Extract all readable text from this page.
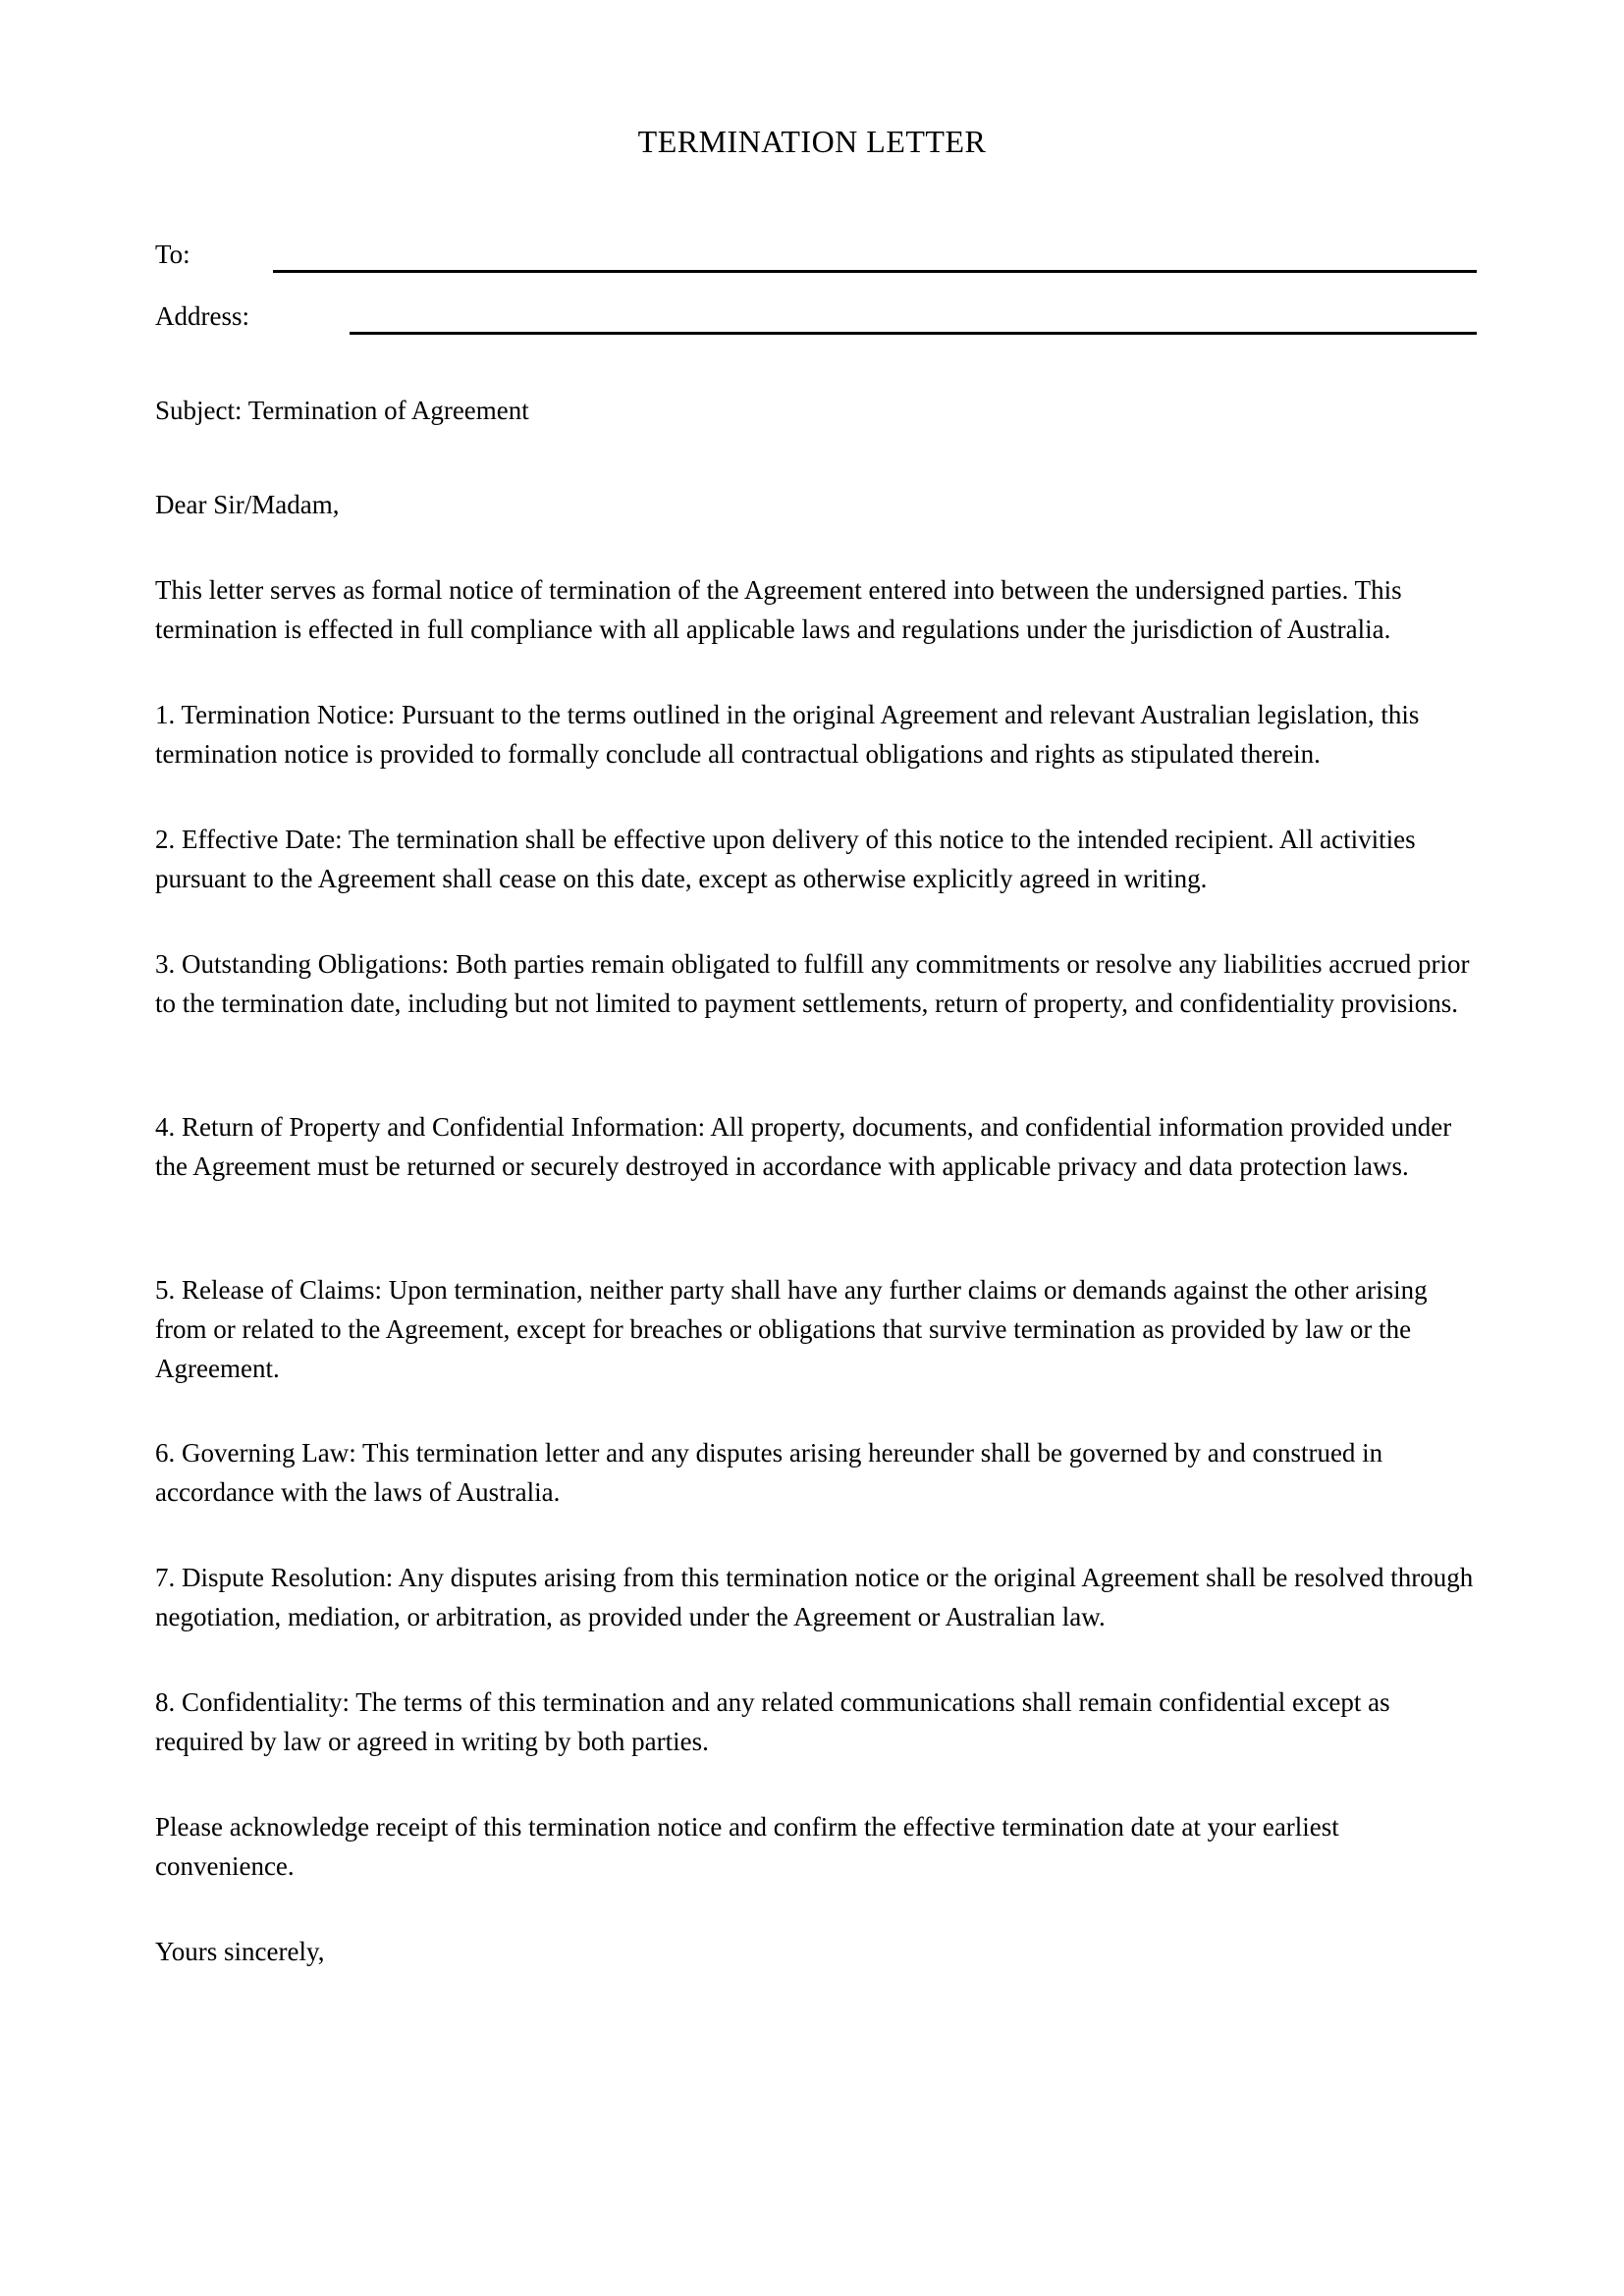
TERMINATION LETTER
To:
Address:
Subject: Termination of Agreement
Dear Sir/Madam,

This letter serves as formal notice of termination of the Agreement entered into between the undersigned parties. This termination is effected in full compliance with all applicable laws and regulations under the jurisdiction of Australia.

1. Termination Notice: Pursuant to the terms outlined in the original Agreement and relevant Australian legislation, this termination notice is provided to formally conclude all contractual obligations and rights as stipulated therein.

2. Effective Date: The termination shall be effective upon delivery of this notice to the intended recipient. All activities pursuant to the Agreement shall cease on this date, except as otherwise explicitly agreed in writing.

3. Outstanding Obligations: Both parties remain obligated to fulfill any commitments or resolve any liabilities accrued prior to the termination date, including but not limited to payment settlements, return of property, and confidentiality provisions.

4. Return of Property and Confidential Information: All property, documents, and confidential information provided under the Agreement must be returned or securely destroyed in accordance with applicable privacy and data protection laws.

5. Release of Claims: Upon termination, neither party shall have any further claims or demands against the other arising from or related to the Agreement, except for breaches or obligations that survive termination as provided by law or the Agreement.

6. Governing Law: This termination letter and any disputes arising hereunder shall be governed by and construed in accordance with the laws of Australia.

7. Dispute Resolution: Any disputes arising from this termination notice or the original Agreement shall be resolved through negotiation, mediation, or arbitration, as provided under the Agreement or Australian law.

8. Confidentiality: The terms of this termination and any related communications shall remain confidential except as required by law or agreed in writing by both parties.

Please acknowledge receipt of this termination notice and confirm the effective termination date at your earliest convenience.

Yours sincerely,
